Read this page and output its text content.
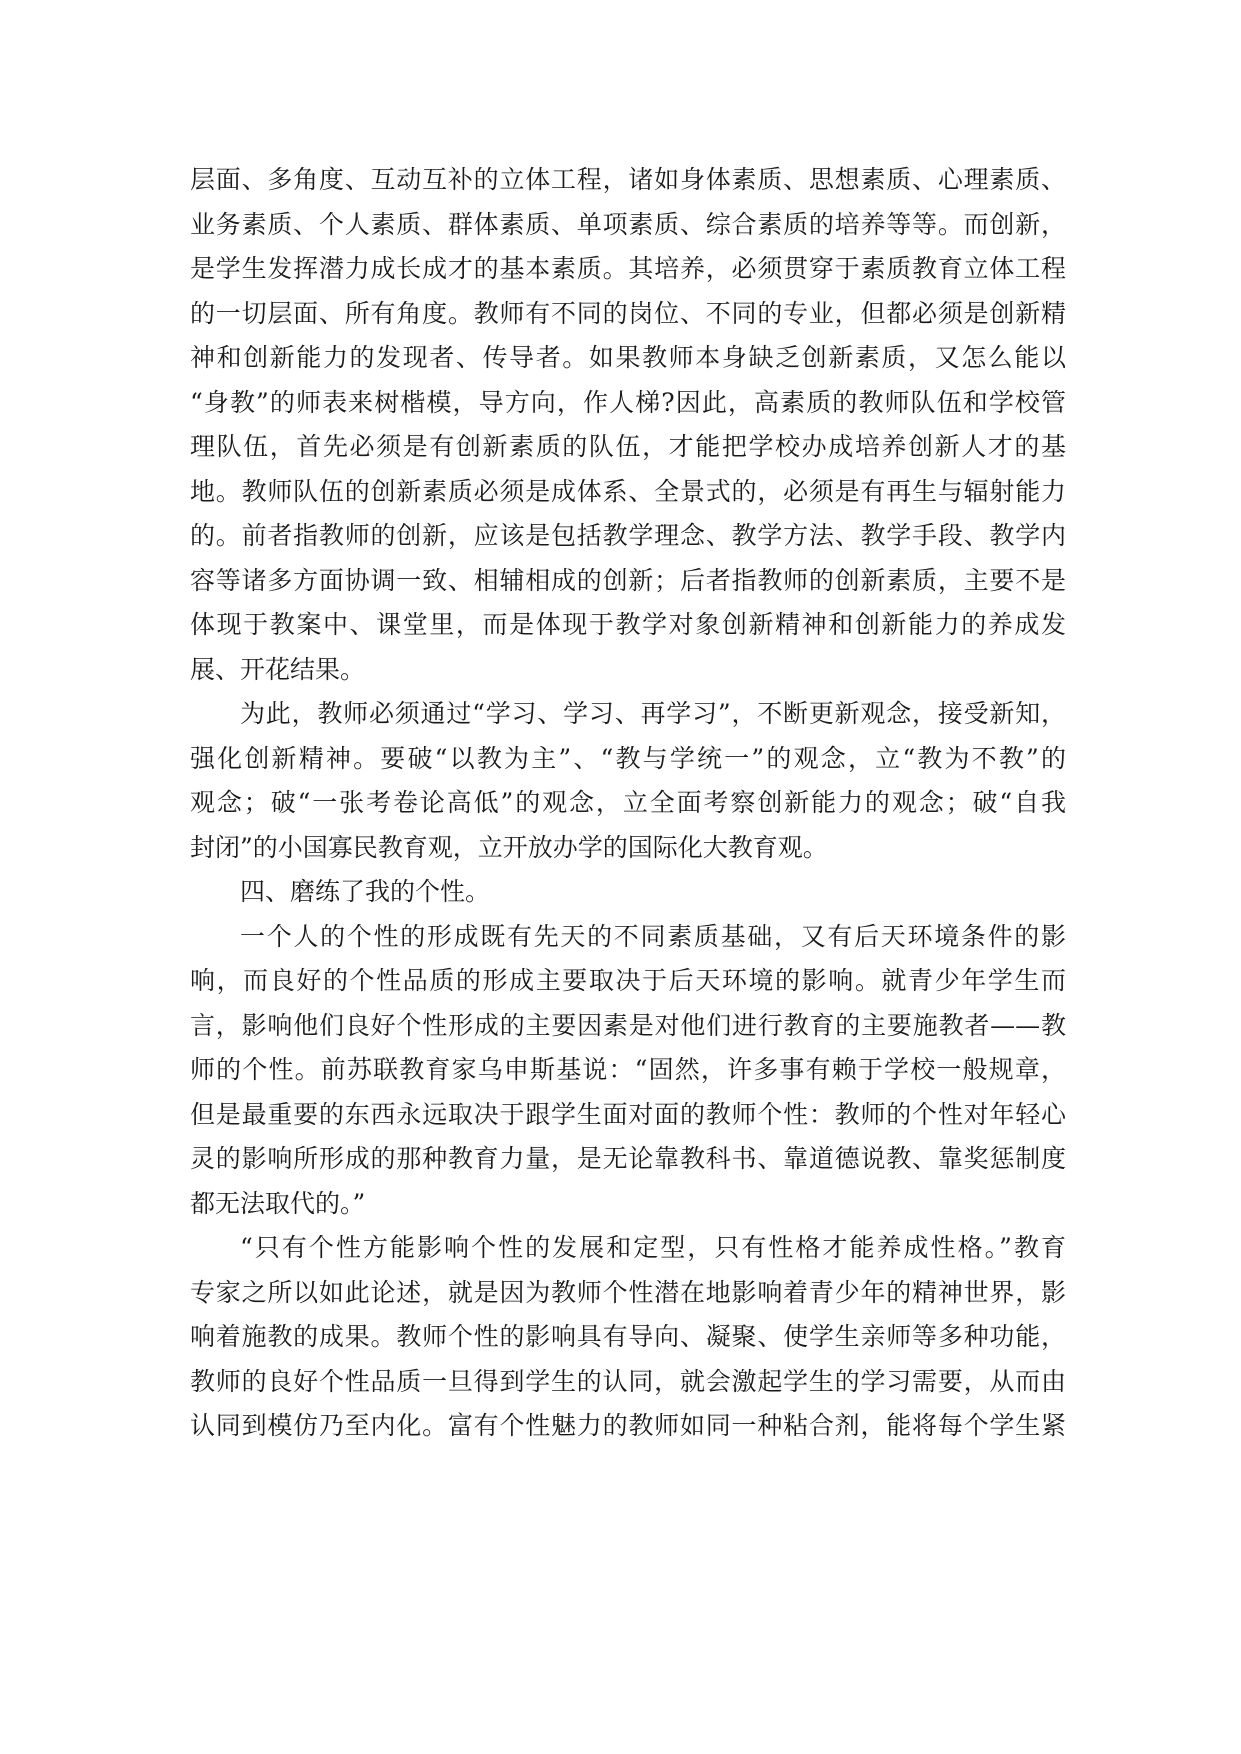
层面、多角度、互动互补的立体工程，诸如身体素质、思想素质、心理素质、
业务素质、个人素质、群体素质、单项素质、综合素质的培养等等。而创新，
是学生发挥潜力成长成才的基本素质。其培养，必须贯穿于素质教育立体工程
的一切层面、所有角度。教师有不同的岗位、不同的专业，但都必须是创新精
神和创新能力的发现者、传导者。如果教师本身缺乏创新素质，又怎么能以
“身教”的师表来树楷模，导方向，作人梯?因此，高素质的教师队伍和学校管
理队伍，首先必须是有创新素质的队伍，才能把学校办成培养创新人才的基
地。教师队伍的创新素质必须是成体系、全景式的，必须是有再生与辐射能力
的。前者指教师的创新，应该是包括教学理念、教学方法、教学手段、教学内
容等诸多方面协调一致、相辅相成的创新；后者指教师的创新素质，主要不是
体现于教案中、课堂里，而是体现于教学对象创新精神和创新能力的养成发
展、开花结果。
为此，教师必须通过“学习、学习、再学习”，不断更新观念，接受新知，
强化创新精神。要破“以教为主”、“教与学统一”的观念，立“教为不教”的
观念；破“一张考卷论高低”的观念，立全面考察创新能力的观念；破“自我
封闭”的小国寡民教育观，立开放办学的国际化大教育观。
四、磨练了我的个性。
一个人的个性的形成既有先天的不同素质基础，又有后天环境条件的影
响，而良好的个性品质的形成主要取决于后天环境的影响。就青少年学生而
言，影响他们良好个性形成的主要因素是对他们进行教育的主要施教者——教
师的个性。前苏联教育家乌申斯基说：“固然，许多事有赖于学校一般规章，
但是最重要的东西永远取决于跟学生面对面的教师个性：教师的个性对年轻心
灵的影响所形成的那种教育力量，是无论靠教科书、靠道德说教、靠奖惩制度
都无法取代的。”
“只有个性方能影响个性的发展和定型，只有性格才能养成性格。”教育
专家之所以如此论述，就是因为教师个性潜在地影响着青少年的精神世界，影
响着施教的成果。教师个性的影响具有导向、凝聚、使学生亲师等多种功能，
教师的良好个性品质一旦得到学生的认同，就会激起学生的学习需要，从而由
认同到模仿乃至内化。富有个性魅力的教师如同一种粘合剂，能将每个学生紧
